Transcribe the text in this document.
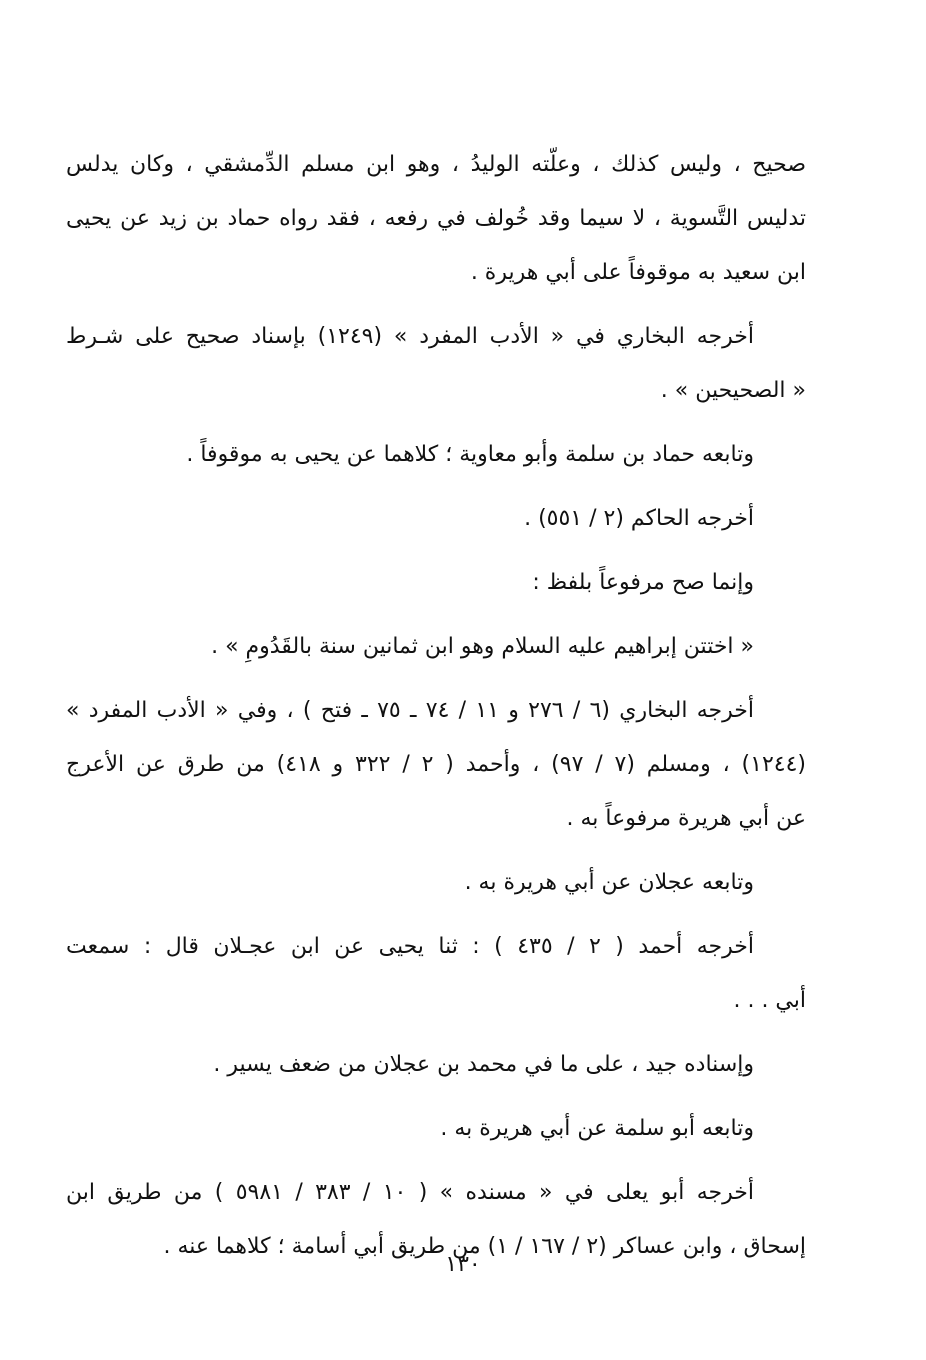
صحيح ، وليس كذلك ، وعلّته الوليدُ ، وهو ابن مسلم الدِّمشقي ، وكان يدلس
تدليس التَّسوية ، لا سيما وقد خُولف في رفعه ، فقد رواه حماد بن زيد عن يحيى
ابن سعيد به موقوفاً على أبي هريرة .
أخرجه البخاري في « الأدب المفرد » (١٢٤٩) بإسناد صحيح على شـرط
« الصحيحين » .
وتابعه حماد بن سلمة وأبو معاوية ؛ كلاهما عن يحيى به موقوفاً .
أخرجه الحاكم (٢ / ٥٥١) .
وإنما صح مرفوعاً بلفظ :
« اختتن إبراهيم عليه السلام وهو ابن ثمانين سنة بالقَدُومِ » .
أخرجه البخاري (٦ / ٢٧٦ و ١١ / ٧٤ ـ ٧٥ ـ فتح ) ، وفي « الأدب المفرد »
(١٢٤٤) ، ومسلم (٧ / ٩٧) ، وأحمد ( ٢ / ٣٢٢ و ٤١٨) من طرق عن الأعرج
عن أبي هريرة مرفوعاً به .
وتابعه عجلان عن أبي هريرة به .
أخرجه أحمد ( ٢ / ٤٣٥ ) : ثنا يحيى عن ابن عجـلان قال : سمعت
أبي . . .
وإسناده جيد ، على ما في محمد بن عجلان من ضعف يسير .
وتابعه أبو سلمة عن أبي هريرة به .
أخرجه أبو يعلى في « مسنده » ( ١٠ / ٣٨٣ / ٥٩٨١ ) من طريق ابن
إسحاق ، وابن عساكر (٢ / ١٦٧ / ١) من طريق أبي أسامة ؛ كلاهما عنه .
١٣٠
